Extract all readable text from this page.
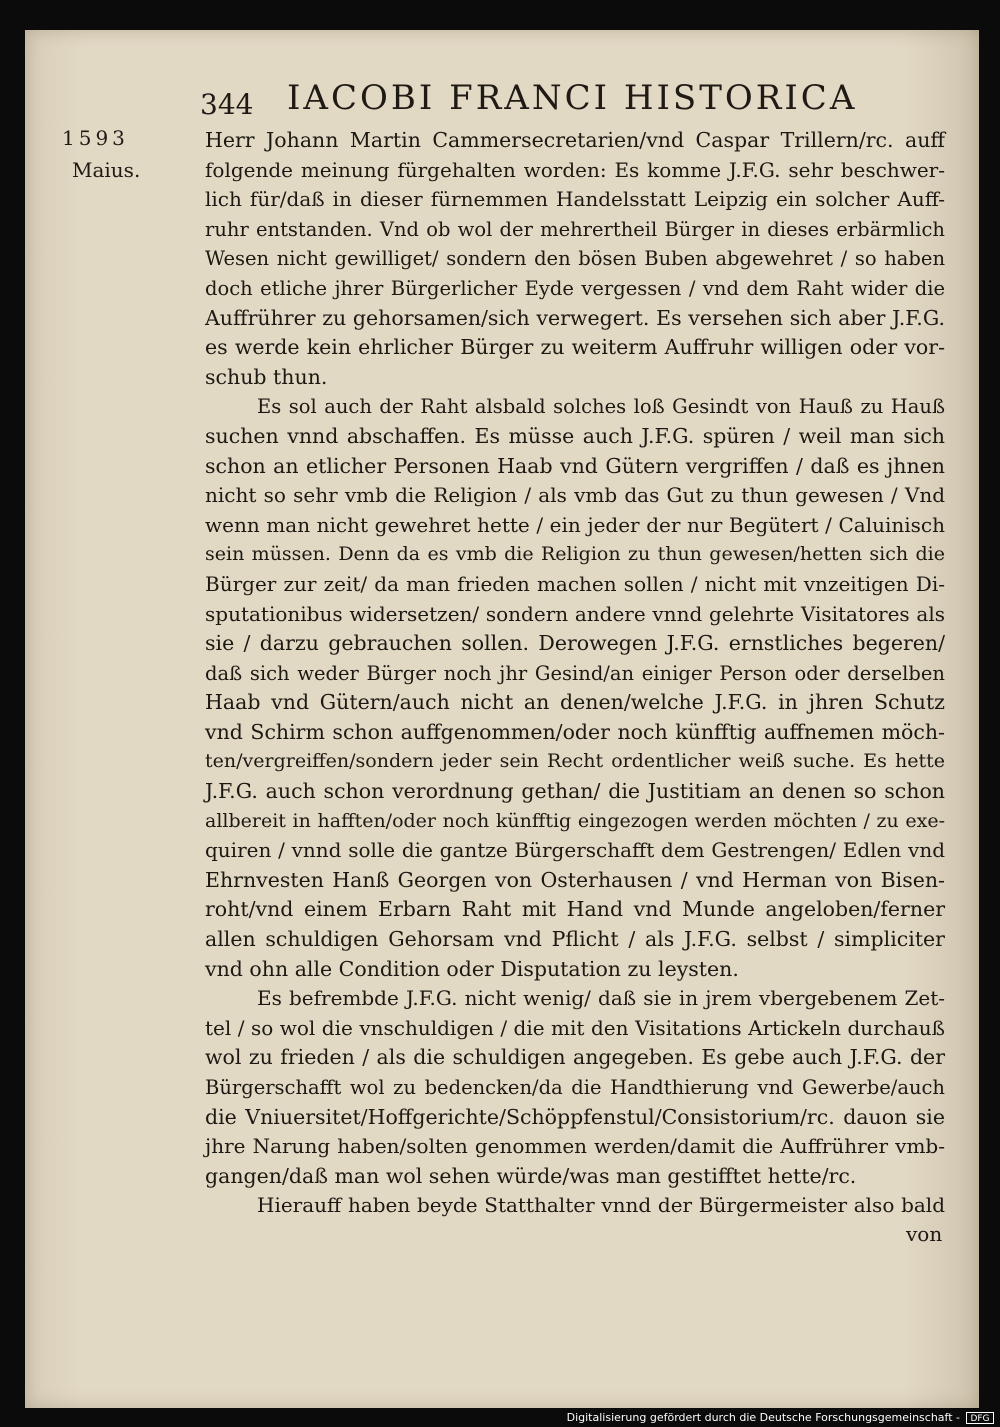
344 IACOBI FRANCI HISTORICA
1593
Maius.
Herr Johann Martin Cammersecretarien/vnd Caspar Trillern/rc. auff
folgende meinung fürgehalten worden: Es komme J.F.G. sehr beschwer-
lich für/daß in dieser fürnemmen Handelsstatt Leipzig ein solcher Auff-
ruhr entstanden. Vnd ob wol der mehrertheil Bürger in dieses erbärmlich
Wesen nicht gewilliget/ sondern den bösen Buben abgewehret / so haben
doch etliche jhrer Bürgerlicher Eyde vergessen / vnd dem Raht wider die
Auffrührer zu gehorsamen/sich verwegert. Es versehen sich aber J.F.G.
es werde kein ehrlicher Bürger zu weiterm Auffruhr willigen oder vor-
schub thun.
Es sol auch der Raht alsbald solches loß Gesindt von Hauß zu Hauß
suchen vnnd abschaffen. Es müsse auch J.F.G. spüren / weil man sich
schon an etlicher Personen Haab vnd Gütern vergriffen / daß es jhnen
nicht so sehr vmb die Religion / als vmb das Gut zu thun gewesen / Vnd
wenn man nicht gewehret hette / ein jeder der nur Begütert / Caluinisch
sein müssen. Denn da es vmb die Religion zu thun gewesen/hetten sich die
Bürger zur zeit/ da man frieden machen sollen / nicht mit vnzeitigen Di-
sputationibus widersetzen/ sondern andere vnnd gelehrte Visitatores als
sie / darzu gebrauchen sollen. Derowegen J.F.G. ernstliches begeren/
daß sich weder Bürger noch jhr Gesind/an einiger Person oder derselben
Haab vnd Gütern/auch nicht an denen/welche J.F.G. in jhren Schutz
vnd Schirm schon auffgenommen/oder noch künfftig auffnemen möch-
ten/vergreiffen/sondern jeder sein Recht ordentlicher weiß suche. Es hette
J.F.G. auch schon verordnung gethan/ die Justitiam an denen so schon
allbereit in hafften/oder noch künfftig eingezogen werden möchten / zu exe-
quiren / vnnd solle die gantze Bürgerschafft dem Gestrengen/ Edlen vnd
Ehrnvesten Hanß Georgen von Osterhausen / vnd Herman von Bisen-
roht/vnd einem Erbarn Raht mit Hand vnd Munde angeloben/ferner
allen schuldigen Gehorsam vnd Pflicht / als J.F.G. selbst / simpliciter
vnd ohn alle Condition oder Disputation zu leysten.
Es befrembde J.F.G. nicht wenig/ daß sie in jrem vbergebenem Zet-
tel / so wol die vnschuldigen / die mit den Visitations Artickeln durchauß
wol zu frieden / als die schuldigen angegeben. Es gebe auch J.F.G. der
Bürgerschafft wol zu bedencken/da die Handthierung vnd Gewerbe/auch
die Vniuersitet/Hoffgerichte/Schöppfenstul/Consistorium/rc. dauon sie
jhre Narung haben/solten genommen werden/damit die Auffrührer vmb-
gangen/daß man wol sehen würde/was man gestifftet hette/rc.
Hierauff haben beyde Statthalter vnnd der Bürgermeister also bald
von
Digitalisierung gefördert durch die Deutsche Forschungsgemeinschaft -	DFG
